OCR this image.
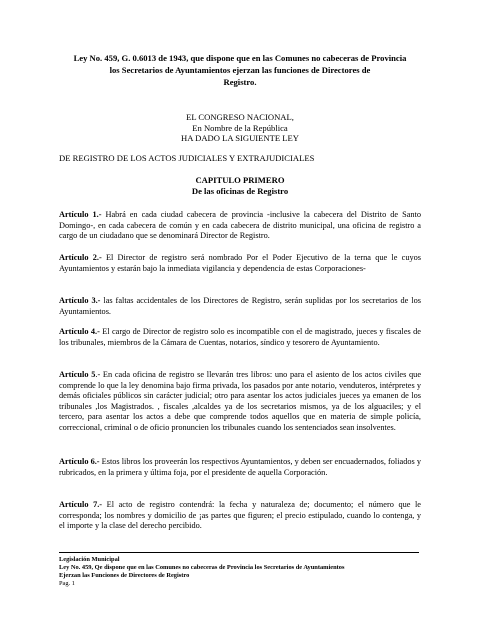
Ley No. 459, G. 0.6013 de 1943, que dispone que en las Comunes no cabeceras de Provincia
los Secretarios de Ayuntamientos ejerzan las funciones de Directores de
Registro.
EL CONGRESO NACIONAL,
En Nombre de la República
HA DADO LA SIGUIENTE LEY
DE REGISTRO DE LOS ACTOS JUDICIALES Y EXTRAJUDICIALES
CAPITULO PRIMERO
De las oficinas de Registro
Artículo 1.- Habrá en cada ciudad cabecera de provincia -inclusive la cabecera del Distrito de Santo Domingo-, en cada cabecera de común y en cada cabecera de distrito municipal, una oficina de registro a cargo de un ciudadano que se denominará Director de Registro.
Artículo 2.- El Director de registro será nombrado Por el Poder Ejecutivo de la terna que le cuyos Ayuntamientos y estarán bajo la inmediata vigilancia y dependencia de estas Corporaciones-
Artículo 3.- las faltas accidentales de los Directores de Registro, serán suplidas por los secretarios de los Ayuntamientos.
Artículo 4.- El cargo de Director de registro solo es incompatible con el de magistrado, jueces y fiscales de los tribunales, miembros de la Cámara de Cuentas, notarios, síndico y tesorero de Ayuntamiento.
Artículo 5.- En cada oficina de registro se llevarán tres libros: uno para el asiento de los actos civiles que comprende lo que la ley denomina bajo firma privada, los pasados por ante notario, venduteros, intérpretes y demás oficiales públicos sin carácter judicial; otro para asentar los actos judiciales jueces ya emanen de los tribunales ,los Magistrados. , fiscales ,alcaldes ya de los secretarios mismos, ya de los alguaciles; y el tercero, para asentar los actos a debe que comprende todos aquellos que en materia de simple policía, correccional, criminal o de oficio pronuncien los tribunales cuando los sentenciados sean insolventes.
Artículo 6.- Estos libros los proveerán los respectivos Ayuntamientos, y deben ser encuadernados, foliados y rubricados, en la primera y última foja, por el presidente de aquella Corporación.
Artículo 7.- El acto de registro contendrá: la fecha y naturaleza de; documento; el número que le corresponda; los nombres y domicilio de ¡as partes que figuren; el precio estipulado, cuando lo contenga, y el importe y la clase del derecho percibido.
Legislación Municipal
Ley No. 459, Qe dispone que en las Comunes no cabeceras de Provincia los Secretarios de Ayuntamientos
Ejerzan las Funciones de Directores de Registro
Pag. 1
